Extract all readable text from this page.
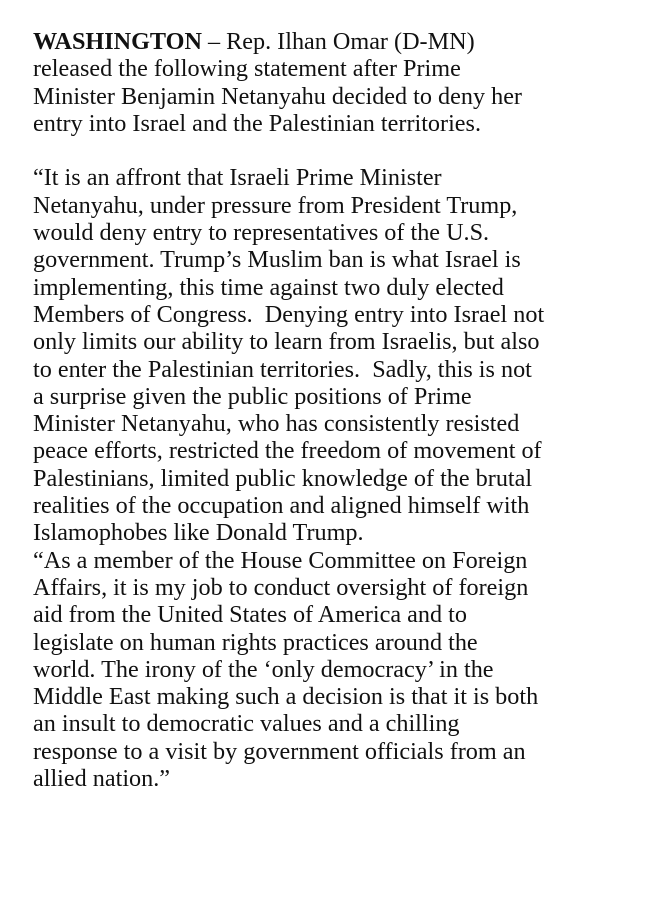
WASHINGTON – Rep. Ilhan Omar (D-MN)
released the following statement after Prime
Minister Benjamin Netanyahu decided to deny her
entry into Israel and the Palestinian territories.
“It is an affront that Israeli Prime Minister
Netanyahu, under pressure from President Trump,
would deny entry to representatives of the U.S.
government. Trump’s Muslim ban is what Israel is
implementing, this time against two duly elected
Members of Congress.  Denying entry into Israel not
only limits our ability to learn from Israelis, but also
to enter the Palestinian territories.  Sadly, this is not
a surprise given the public positions of Prime
Minister Netanyahu, who has consistently resisted
peace efforts, restricted the freedom of movement of
Palestinians, limited public knowledge of the brutal
realities of the occupation and aligned himself with
Islamophobes like Donald Trump.
“As a member of the House Committee on Foreign
Affairs, it is my job to conduct oversight of foreign
aid from the United States of America and to
legislate on human rights practices around the
world. The irony of the ‘only democracy’ in the
Middle East making such a decision is that it is both
an insult to democratic values and a chilling
response to a visit by government officials from an
allied nation.”
